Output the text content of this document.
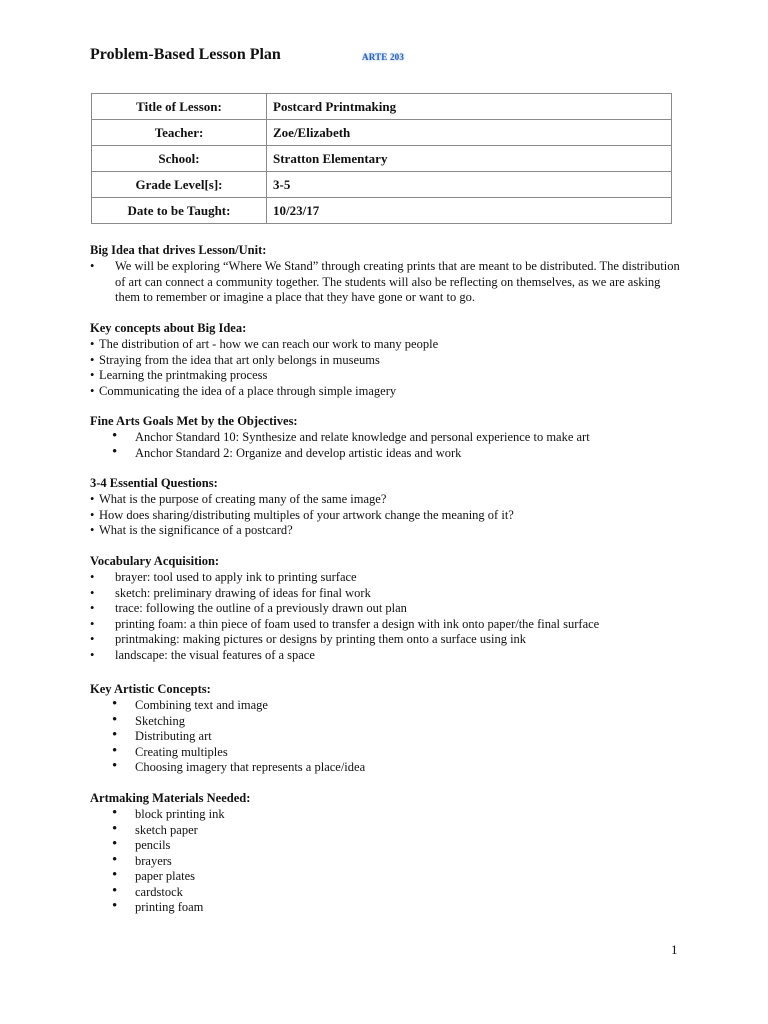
Problem-Based Lesson Plan	ARTE 203
Title of Lesson:	Postcard Printmaking
Teacher:	Zoe/Elizabeth
School:	Stratton Elementary
Grade Level[s]:	3-5
Date to be Taught:	10/23/17
Big Idea that drives Lesson/Unit:
• We will be exploring “Where We Stand” through creating prints that are meant to be distributed. The distribution of art can connect a community together. The students will also be reflecting on themselves, as we are asking them to remember or imagine a place that they have gone or want to go.
Key concepts about Big Idea:
• The distribution of art - how we can reach our work to many people
• Straying from the idea that art only belongs in museums
• Learning the printmaking process
• Communicating the idea of a place through simple imagery
Fine Arts Goals Met by the Objectives:
• Anchor Standard 10: Synthesize and relate knowledge and personal experience to make art
• Anchor Standard 2: Organize and develop artistic ideas and work
3-4 Essential Questions:
• What is the purpose of creating many of the same image?
• How does sharing/distributing multiples of your artwork change the meaning of it?
• What is the significance of a postcard?
Vocabulary Acquisition:
• brayer: tool used to apply ink to printing surface
• sketch: preliminary drawing of ideas for final work
• trace: following the outline of a previously drawn out plan
• printing foam: a thin piece of foam used to transfer a design with ink onto paper/the final surface
• printmaking: making pictures or designs by printing them onto a surface using ink
• landscape: the visual features of a space
Key Artistic Concepts:
• Combining text and image
• Sketching
• Distributing art
• Creating multiples
• Choosing imagery that represents a place/idea
Artmaking Materials Needed:
• block printing ink
• sketch paper
• pencils
• brayers
• paper plates
• cardstock
• printing foam
1
